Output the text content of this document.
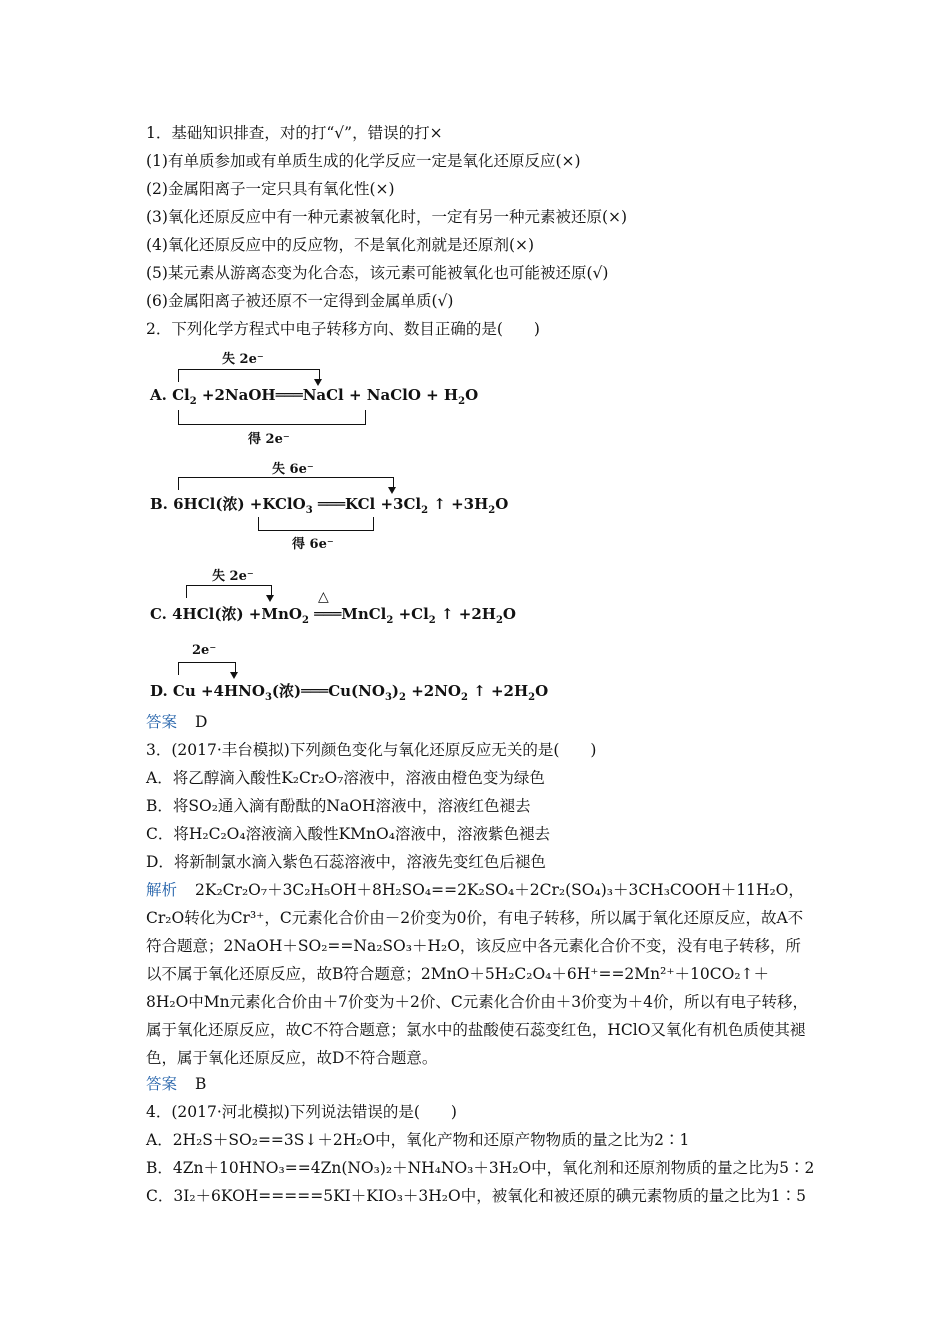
1．基础知识排查，对的打“√”，错误的打×
(1)有单质参加或有单质生成的化学反应一定是氧化还原反应(×)
(2)金属阳离子一定只具有氧化性(×)
(3)氧化还原反应中有一种元素被氧化时，一定有另一种元素被还原(×)
(4)氧化还原反应中的反应物，不是氧化剂就是还原剂(×)
(5)某元素从游离态变为化合态，该元素可能被氧化也可能被还原(√)
(6)金属阳离子被还原不一定得到金属单质(√)
2．下列化学方程式中电子转移方向、数目正确的是(　　)
失 2e⁻
A. $Cl_2$ +2NaOH═══NaCl + NaClO + $H_2O$
得 2e⁻
失 6e⁻
B. 6HCl(浓) +KClO$_3$ ═══KCl $+3Cl_2$ ↑ $+3H_2O$
得 6e⁻
失 2e⁻
△
C. 4HCl(浓) +MnO$_2$ ═══MnCl$_2$ $+Cl_2$ ↑ $+2H_2O$
2e⁻
D. $Cu +4HNO_3$(浓)$═══Cu(NO_3)_2 +2NO_2$ ↑ $+2H_2O$
答案 D
3．(2017·丰台模拟)下列颜色变化与氧化还原反应无关的是(　　)
A．将乙醇滴入酸性K₂Cr₂O₇溶液中，溶液由橙色变为绿色
B．将SO₂通入滴有酚酞的NaOH溶液中，溶液红色褪去
C．将H₂C₂O₄溶液滴入酸性KMnO₄溶液中，溶液紫色褪去
D．将新制氯水滴入紫色石蕊溶液中，溶液先变红色后褪色
解析 2K₂Cr₂O₇＋3C₂H₅OH＋8H₂SO₄==2K₂SO₄＋2Cr₂(SO₄)₃＋3CH₃COOH＋11H₂O，Cr₂O转化为Cr³⁺，C元素化合价由－2价变为0价，有电子转移，所以属于氧化还原反应，故A不符合题意；2NaOH＋SO₂==Na₂SO₃＋H₂O，该反应中各元素化合价不变，没有电子转移，所以不属于氧化还原反应，故B符合题意；2MnO＋5H₂C₂O₄＋6H⁺==2Mn²⁺＋10CO₂↑＋8H₂O中Mn元素化合价由＋7价变为＋2价、C元素化合价由＋3价变为＋4价，所以有电子转移，属于氧化还原反应，故C不符合题意；氯水中的盐酸使石蕊变红色，HClO又氧化有机色质使其褪色，属于氧化还原反应，故D不符合题意。
答案 B
4．(2017·河北模拟)下列说法错误的是(　　)
A．2H₂S＋SO₂==3S↓＋2H₂O中，氧化产物和还原产物物质的量之比为2∶1
B．4Zn＋10HNO₃==4Zn(NO₃)₂＋NH₄NO₃＋3H₂O中，氧化剂和还原剂物质的量之比为5∶2
C．3I₂＋6KOH=====5KI＋KIO₃＋3H₂O中，被氧化和被还原的碘元素物质的量之比为1∶5
